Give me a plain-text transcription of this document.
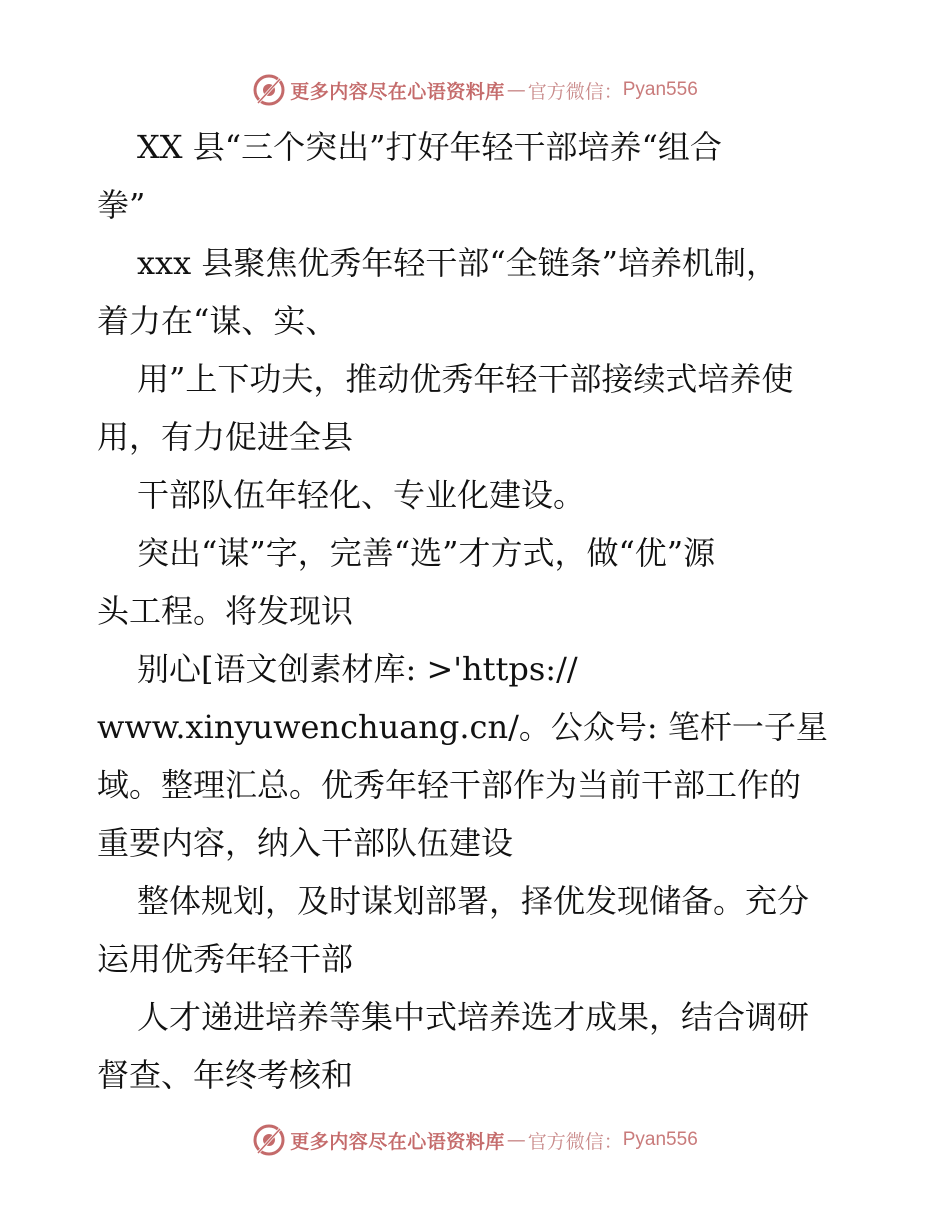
更多内容尽在心语资料库 — 官方微信： Pyan556
XX 县“三个突出”打好年轻干部培养“组合
拳”
xxx 县聚焦优秀年轻干部“全链条”培养机制，
着力在“谋、实、
用”上下功夫，推动优秀年轻干部接续式培养使
用，有力促进全县
干部队伍年轻化、专业化建设。
突出“谋”字，完善“选”才方式，做“优”源
头工程。将发现识
别心[语文创素材库: >'https://
www.xinyuwenchuang.cn/。公众号: 笔杆一子星
域。整理汇总。优秀年轻干部作为当前干部工作的
重要内容，纳入干部队伍建设
整体规划，及时谋划部署，择优发现储备。充分
运用优秀年轻干部
人才递进培养等集中式培养选才成果，结合调研
督查、年终考核和
更多内容尽在心语资料库 — 官方微信： Pyan556
